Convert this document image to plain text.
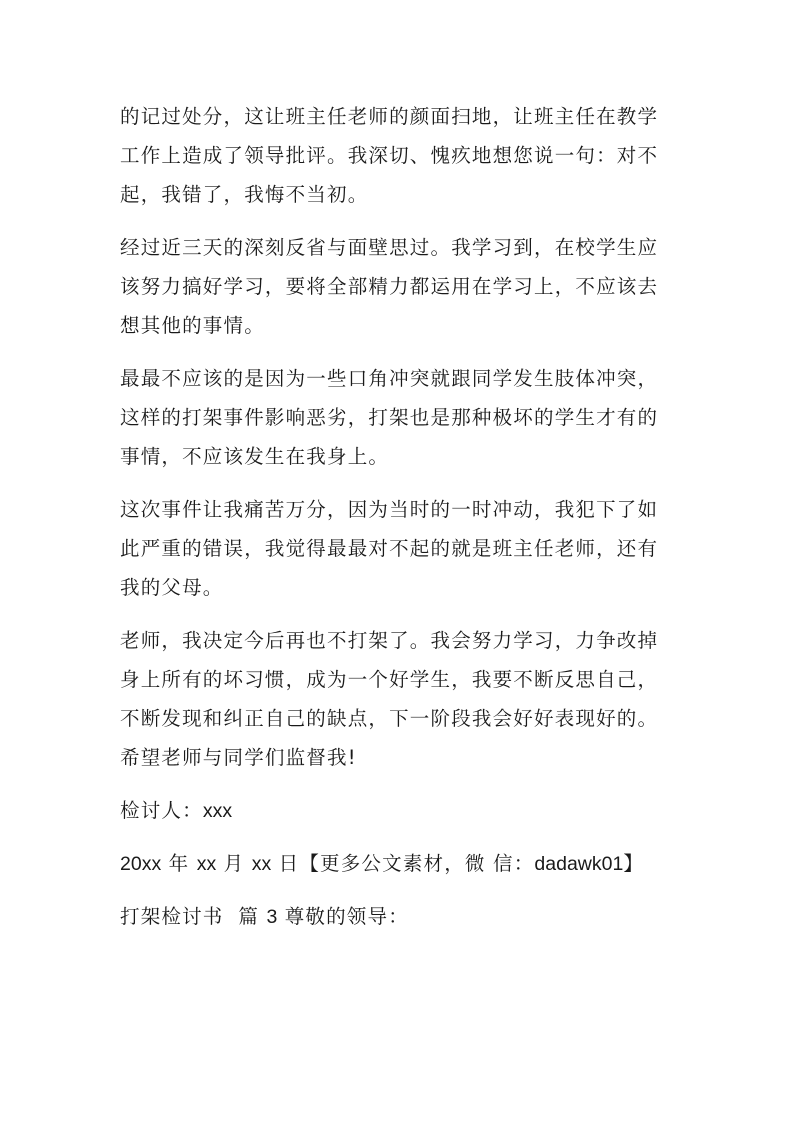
的记过处分，这让班主任老师的颜面扫地，让班主任在教学
工作上造成了领导批评。我深切、愧疚地想您说一句：对不
起，我错了，我悔不当初。
经过近三天的深刻反省与面壁思过。我学习到，在校学生应
该努力搞好学习，要将全部精力都运用在学习上，不应该去
想其他的事情。
最最不应该的是因为一些口角冲突就跟同学发生肢体冲突，
这样的打架事件影响恶劣，打架也是那种极坏的学生才有的
事情，不应该发生在我身上。
这次事件让我痛苦万分，因为当时的一时冲动，我犯下了如
此严重的错误，我觉得最最对不起的就是班主任老师，还有
我的父母。
老师，我决定今后再也不打架了。我会努力学习，力争改掉
身上所有的坏习惯，成为一个好学生，我要不断反思自己，
不断发现和纠正自己的缺点，下一阶段我会好好表现好的。
希望老师与同学们监督我!
检讨人：xxx
20xx 年 xx 月 xx 日【更多公文素材，微 信：dadawk01】
打架检讨书 篇 3 尊敬的领导：
